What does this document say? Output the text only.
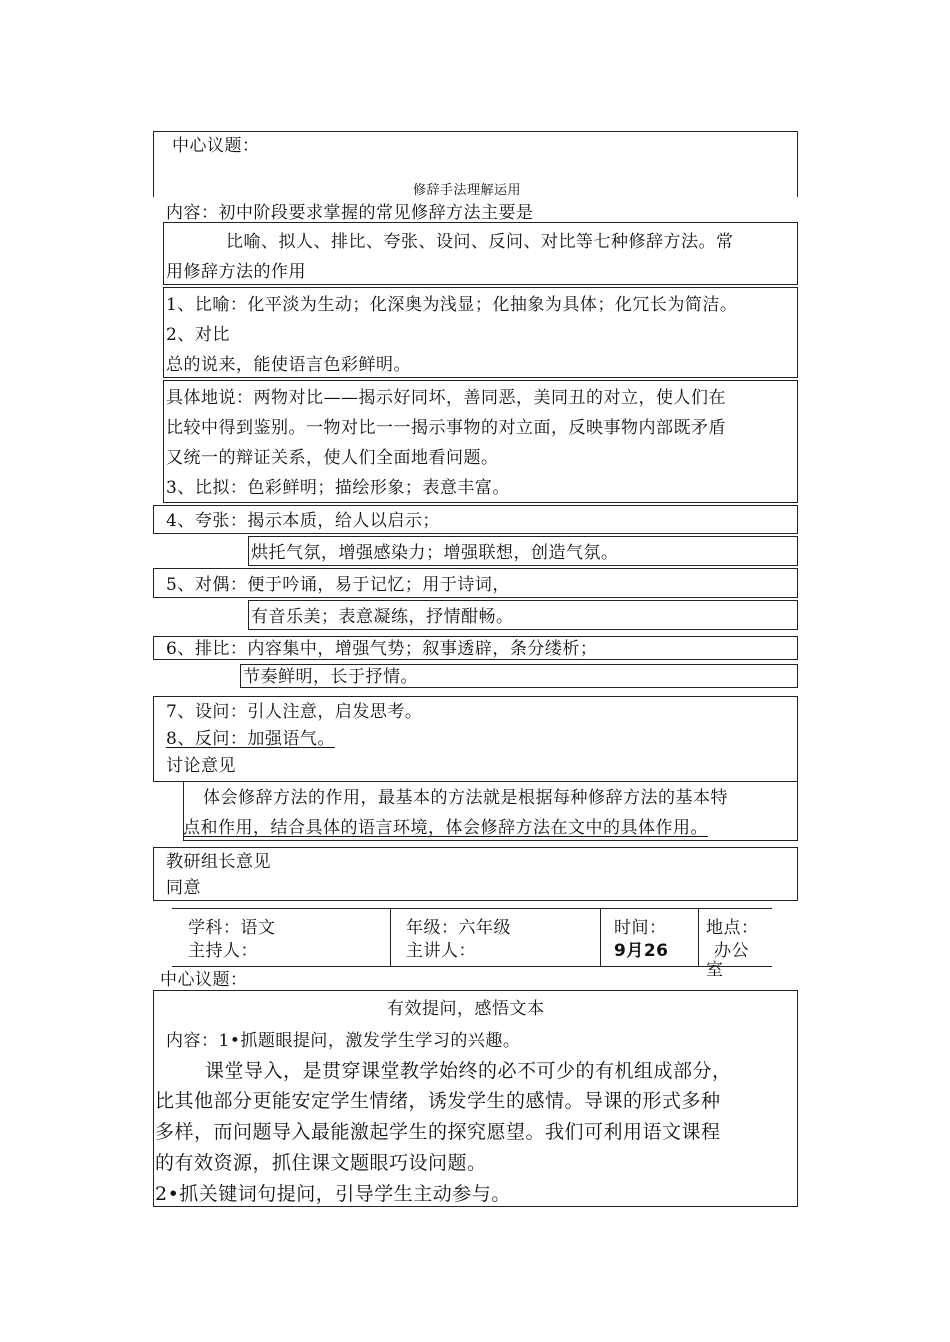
中心议题：
修辞手法理解运用
内容：初中阶段要求掌握的常见修辞方法主要是
比喻、拟人、排比、夸张、设问、反问、对比等七种修辞方法。常
用修辞方法的作用
1、比喻：化平淡为生动；化深奥为浅显；化抽象为具体；化冗长为简洁。
2、对比
总的说来，能使语言色彩鲜明。
具体地说：两物对比——揭示好同坏，善同恶，美同丑的对立，使人们在
比较中得到鉴别。一物对比一一揭示事物的对立面，反映事物内部既矛盾
又统一的辩证关系，使人们全面地看问题。
3、比拟：色彩鲜明；描绘形象；表意丰富。
4、夸张：揭示本质，给人以启示；
烘托气氛，增强感染力；增强联想，创造气氛。
5、对偶：便于吟诵，易于记忆；用于诗词，
有音乐美；表意凝练，抒情酣畅。
6、排比：内容集中，增强气势；叙事透辟，条分缕析；
节奏鲜明，长于抒情。
7、设问：引人注意，启发思考。
8、反问：加强语气。
讨论意见
体会修辞方法的作用，最基本的方法就是根据每种修辞方法的基本特
点和作用，结合具体的语言环境，体会修辞方法在文中的具体作用。
教研组长意见
同意
学科：语文
主持人：
年级：六年级
主讲人：
时间：
9月26
地点：
办公
室
中心议题：
有效提问，感悟文本
内容：1•抓题眼提问，激发学生学习的兴趣。
课堂导入，是贯穿课堂教学始终的必不可少的有机组成部分，
比其他部分更能安定学生情绪，诱发学生的感情。导课的形式多种
多样，而问题导入最能激起学生的探究愿望。我们可利用语文课程
的有效资源，抓住课文题眼巧设问题。
2•抓关键词句提问，引导学生主动参与。
